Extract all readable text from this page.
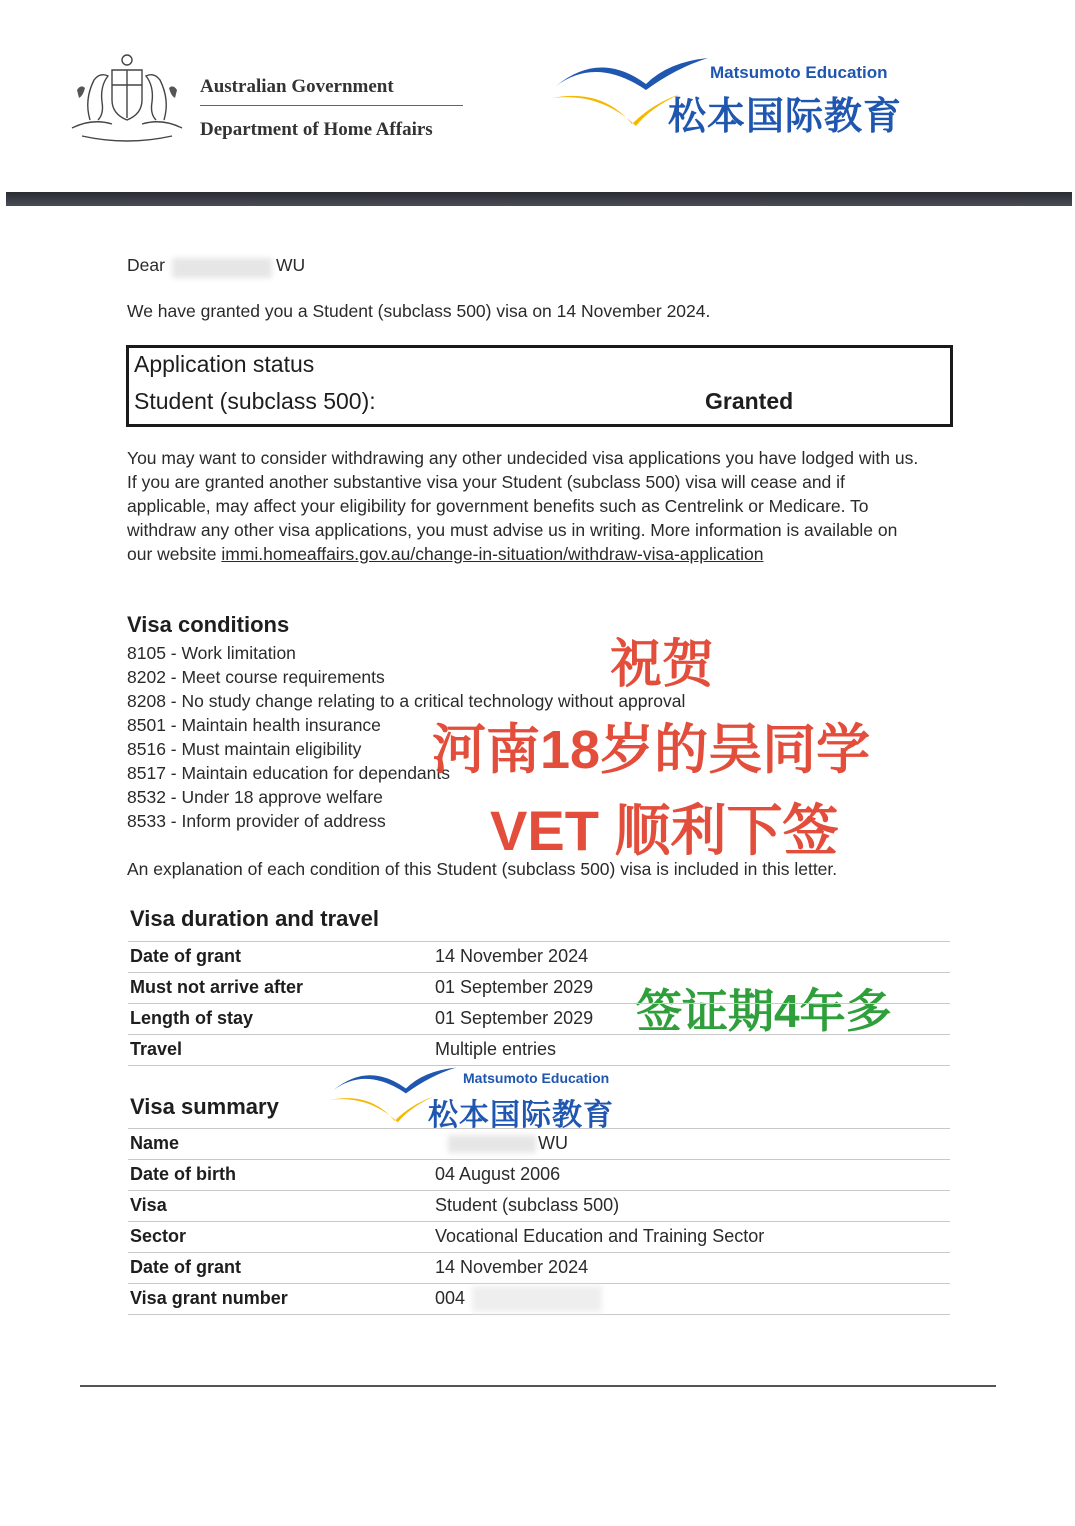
Australian Government
Department of Home Affairs
Matsumoto Education
松本国际教育
Dear	WU
We have granted you a Student (subclass 500) visa on 14 November 2024.
Application status
Student (subclass 500):	Granted
You may want to consider withdrawing any other undecided visa applications you have lodged with us. If you are granted another substantive visa your Student (subclass 500) visa will cease and if applicable, may affect your eligibility for government benefits such as Centrelink or Medicare. To withdraw any other visa applications, you must advise us in writing. More information is available on our website immi.homeaffairs.gov.au/change-in-situation/withdraw-visa-application
Visa conditions
8105 - Work limitation
8202 - Meet course requirements
8208 - No study change relating to a critical technology without approval
8501 - Maintain health insurance
8516 - Must maintain eligibility
8517 - Maintain education for dependants
8532 - Under 18 approve welfare
8533 - Inform provider of address
An explanation of each condition of this Student (subclass 500) visa is included in this letter.
祝贺
河南18岁的吴同学
VET 顺利下签
签证期4年多
Visa duration and travel
Date of grant	14 November 2024
Must not arrive after	01 September 2029
Length of stay	01 September 2029
Travel	Multiple entries
Matsumoto Education
松本国际教育
Visa summary
Name	WU
Date of birth	04 August 2006
Visa	Student (subclass 500)
Sector	Vocational Education and Training Sector
Date of grant	14 November 2024
Visa grant number	004
